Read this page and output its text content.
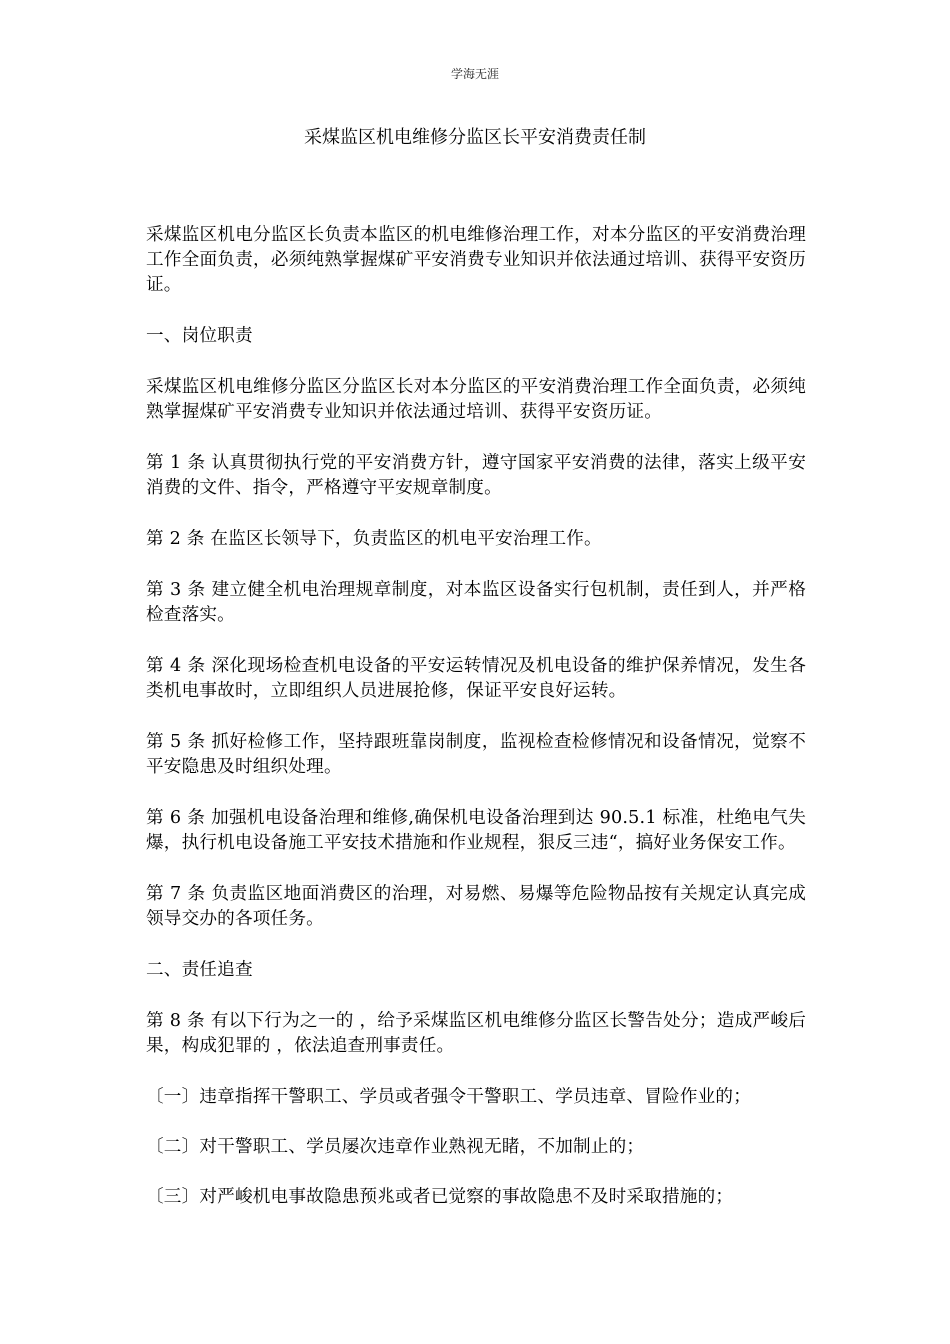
学海无涯
采煤监区机电维修分监区长平安消费责任制

采煤监区机电分监区长负责本监区的机电维修治理工作，对本分监区的平安消费治理工作全面负责，必须纯熟掌握煤矿平安消费专业知识并依法通过培训、获得平安资历证。

一、岗位职责

采煤监区机电维修分监区分监区长对本分监区的平安消费治理工作全面负责，必须纯熟掌握煤矿平安消费专业知识并依法通过培训、获得平安资历证。

第 1 条 认真贯彻执行党的平安消费方针，遵守国家平安消费的法律，落实上级平安消费的文件、指令，严格遵守平安规章制度。

第 2 条 在监区长领导下，负责监区的机电平安治理工作。

第 3 条 建立健全机电治理规章制度，对本监区设备实行包机制，责任到人，并严格检查落实。

第 4 条 深化现场检查机电设备的平安运转情况及机电设备的维护保养情况，发生各类机电事故时，立即组织人员进展抢修，保证平安良好运转。

第 5 条 抓好检修工作，坚持跟班靠岗制度，监视检查检修情况和设备情况，觉察不平安隐患及时组织处理。

第 6 条 加强机电设备治理和维修,确保机电设备治理到达 90.5.1 标准，杜绝电气失爆，执行机电设备施工平安技术措施和作业规程，狠反三违“，搞好业务保安工作。

第 7 条 负责监区地面消费区的治理，对易燃、易爆等危险物品按有关规定认真完成领导交办的各项任务。

二、责任追查

第 8 条 有以下行为之一的 ，给予采煤监区机电维修分监区长警告处分；造成严峻后果，构成犯罪的 ，依法追查刑事责任。

〔一〕违章指挥干警职工、学员或者强令干警职工、学员违章、冒险作业的；

〔二〕对干警职工、学员屡次违章作业熟视无睹，不加制止的；

〔三〕对严峻机电事故隐患预兆或者已觉察的事故隐患不及时采取措施的；
